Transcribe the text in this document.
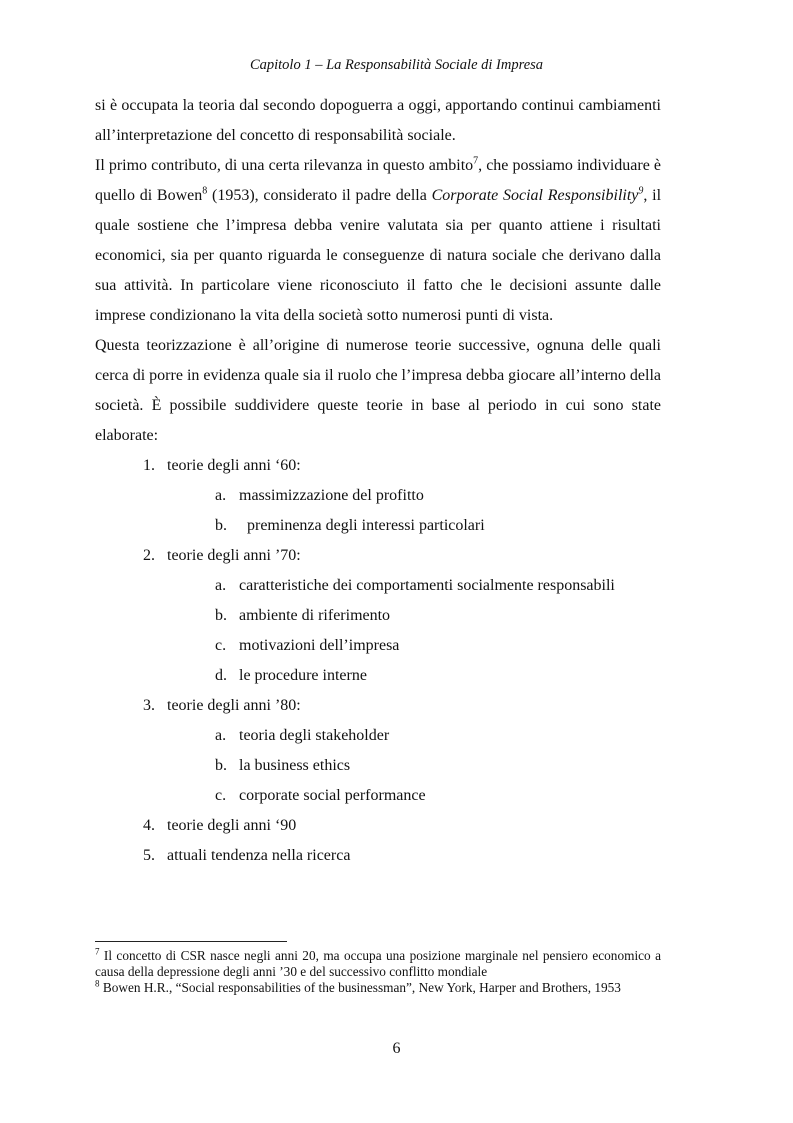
Capitolo 1 – La Responsabilità Sociale di Impresa

si è occupata la teoria dal secondo dopoguerra a oggi, apportando continui cambiamenti all’interpretazione del concetto di responsabilità sociale.

Il primo contributo, di una certa rilevanza in questo ambito$^7$, che possiamo individuare è quello di Bowen$^8$ (1953), considerato il padre della Corporate Social Responsibility$^9$, il quale sostiene che l’impresa debba venire valutata sia per quanto attiene i risultati economici, sia per quanto riguarda le conseguenze di natura sociale che derivano dalla sua attività. In particolare viene riconosciuto il fatto che le decisioni assunte dalle imprese condizionano la vita della società sotto numerosi punti di vista.

Questa teorizzazione è all’origine di numerose teorie successive, ognuna delle quali cerca di porre in evidenza quale sia il ruolo che l’impresa debba giocare all’interno della società. È possibile suddividere queste teorie in base al periodo in cui sono state elaborate:

1. teorie degli anni ‘60:
a. massimizzazione del profitto
b.  preminenza degli interessi particolari
2. teorie degli anni ’70:
a. caratteristiche dei comportamenti socialmente responsabili
b. ambiente di riferimento
c. motivazioni dell’impresa
d. le procedure interne
3. teorie degli anni ’80:
a. teoria degli stakeholder
b. la business ethics
c. corporate social performance
4. teorie degli anni ‘90
5. attuali tendenza nella ricerca

$^7$ Il concetto di CSR nasce negli anni 20, ma occupa una posizione marginale nel pensiero economico a causa della depressione degli anni ’30 e del successivo conflitto mondiale

$^8$ Bowen H.R., “Social responsabilities of the businessman”, New York, Harper and Brothers, 1953

6
